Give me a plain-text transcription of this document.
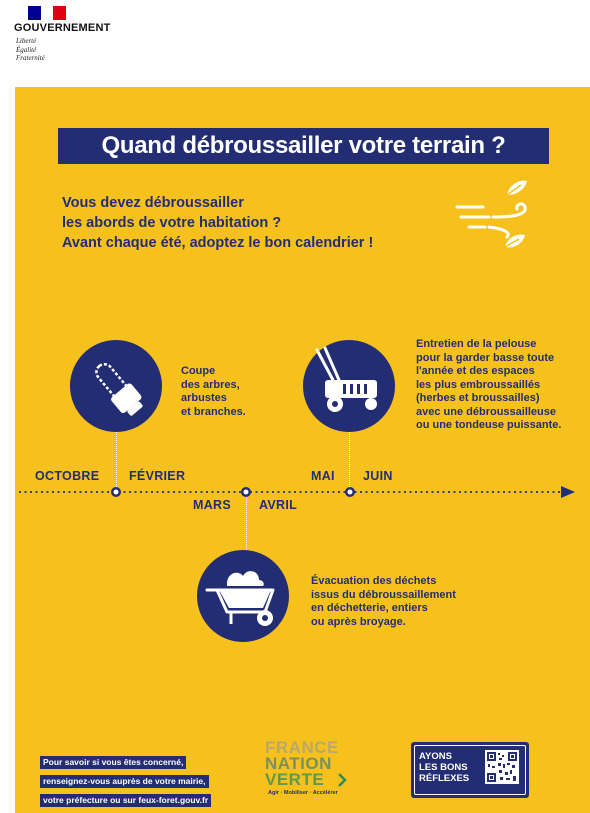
GOUVERNEMENT
Liberté
Égalité
Fraternité
Quand débroussailler votre terrain ?
Vous devez débroussailler
les abords de votre habitation ?
Avant chaque été, adoptez le bon calendrier !
Coupe
des arbres,
arbustes
et branches.
Entretien de la pelouse
pour la garder basse toute
l'année et des espaces
les plus embroussaillés
(herbes et broussailles)
avec une débroussailleuse
ou une tondeuse puissante.
OCTOBRE FÉVRIER
MARS AVRIL
MAI JUIN
Évacuation des déchets
issus du débroussaillement
en déchetterie, entiers
ou après broyage.
Pour savoir si vous êtes concerné, renseignez-vous auprès de votre mairie, votre préfecture ou sur feux-foret.gouv.fr
FRANCE
NATION
VERTE
Agir · Mobiliser · Accélérer
AYONS
LES BONS
RÉFLEXES
